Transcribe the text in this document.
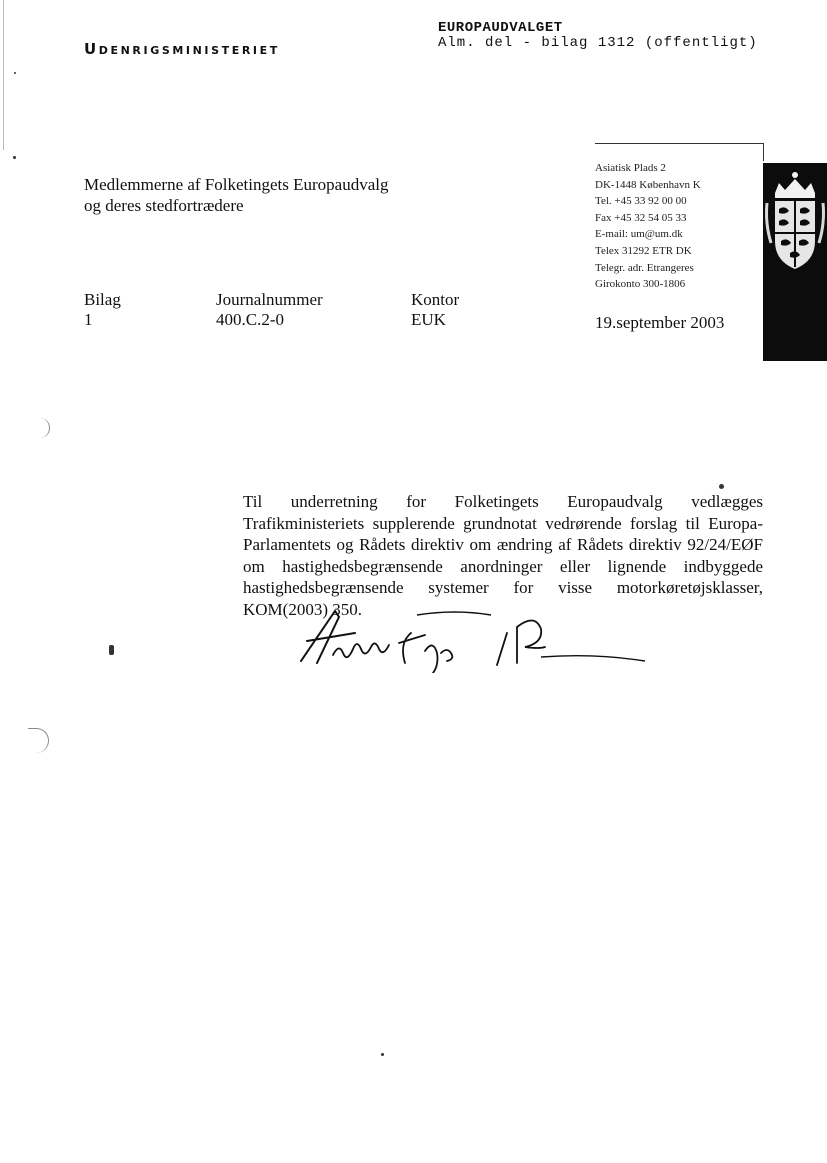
EUROPAUDVALGET
Alm. del - bilag 1312 (offentligt)
Udenrigsministeriet
Medlemmerne af Folketingets Europaudvalg
og deres stedfortrædere
Asiatisk Plads 2
DK-1448 København K
Tel. +45 33 92 00 00
Fax +45 32 54 05 33
E-mail: um@um.dk
Telex 31292 ETR DK
Telegr. adr. Etrangeres
Girokonto 300-1806
Bilag
1
Journalnummer
400.C.2-0
Kontor
EUK	19.september 2003
Til underretning for Folketingets Europaudvalg vedlægges Trafikministeriets supplerende grundnotat vedrørende forslag til Europa-Parlamentets og Rådets direktiv om ændring af Rådets direktiv 92/24/EØF om hastighedsbegrænsende anordninger eller lignende indbyggede hastighedsbegrænsende systemer for visse motorkøretøjsklasser, KOM(2003) 350.
